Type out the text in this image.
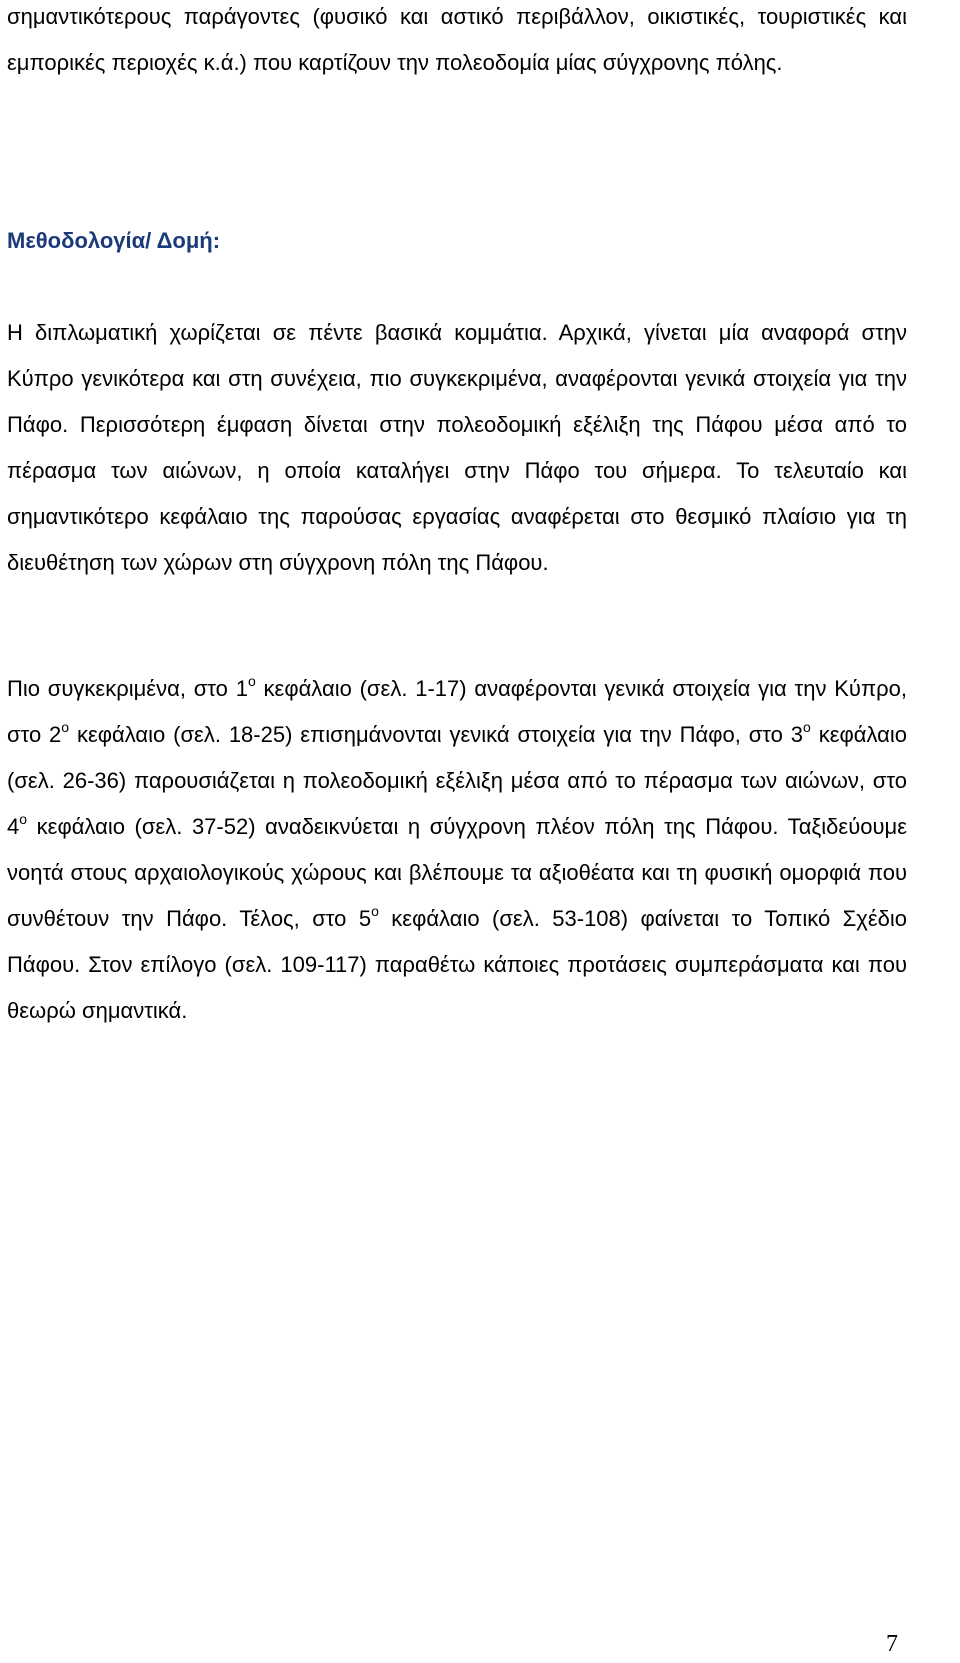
σημαντικότερους παράγοντες (φυσικό και αστικό περιβάλλον, οικιστικές, τουριστικές και εμπορικές περιοχές κ.ά.) που καρτίζουν την πολεοδομία μίας σύγχρονης πόλης.

Μεθοδολογία/ Δομή:

Η διπλωματική χωρίζεται σε πέντε βασικά κομμάτια. Αρχικά, γίνεται μία αναφορά στην Κύπρο γενικότερα και στη συνέχεια, πιο συγκεκριμένα, αναφέρονται γενικά στοιχεία για την Πάφο. Περισσότερη έμφαση δίνεται στην πολεοδομική εξέλιξη της Πάφου μέσα από το πέρασμα των αιώνων, η οποία καταλήγει στην Πάφο του σήμερα. Το τελευταίο και σημαντικότερο κεφάλαιο της παρούσας εργασίας αναφέρεται στο θεσμικό πλαίσιο για τη διευθέτηση των χώρων στη σύγχρονη πόλη της Πάφου.

Πιο συγκεκριμένα, στο $1^o$ κεφάλαιο (σελ. 1-17) αναφέρονται γενικά στοιχεία για την Κύπρο, στο $2^o$ κεφάλαιο (σελ. 18-25) επισημάνονται γενικά στοιχεία για την Πάφο, στο $3^o$ κεφάλαιο (σελ. 26-36) παρουσιάζεται η πολεοδομική εξέλιξη μέσα από το πέρασμα των αιώνων, στο $4^o$ κεφάλαιο (σελ. 37-52) αναδεικνύεται η σύγχρονη πλέον πόλη της Πάφου. Ταξιδεύουμε νοητά στους αρχαιολογικούς χώρους και βλέπουμε τα αξιοθέατα και τη φυσική ομορφιά που συνθέτουν την Πάφο. Τέλος, στο $5^o$ κεφάλαιο (σελ. 53-108) φαίνεται το Τοπικό Σχέδιο Πάφου. Στον επίλογο (σελ. 109-117) παραθέτω κάποιες προτάσεις συμπεράσματα και που θεωρώ σημαντικά.

7
